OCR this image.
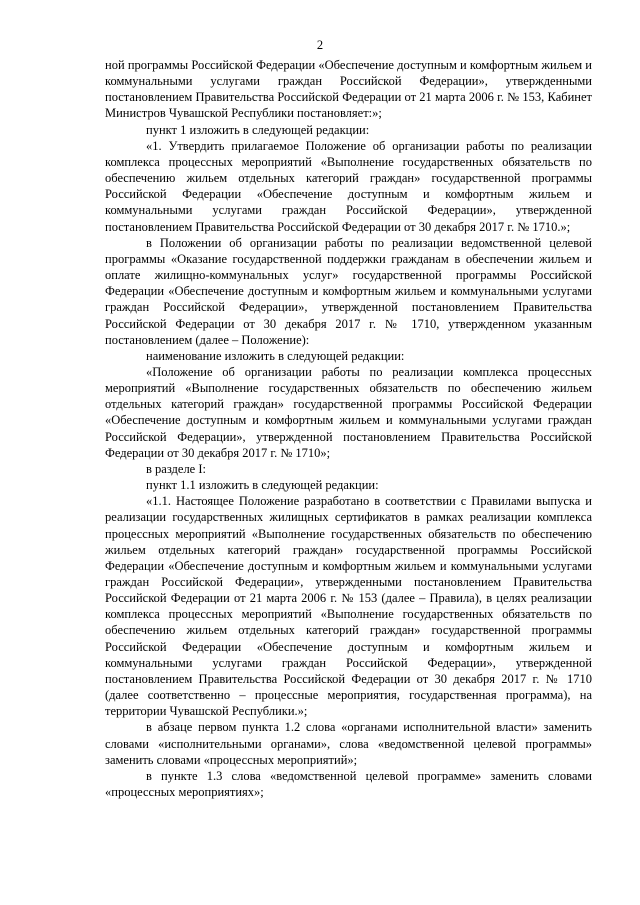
2

ной программы Российской Федерации «Обеспечение доступным и комфортным жильем и коммунальными услугами граждан Российской Федерации», утвержденными постановлением Правительства Российской Федерации от 21 марта 2006 г. № 153, Кабинет Министров Чувашской Республики постановляет:»;

пункт 1 изложить в следующей редакции:

«1. Утвердить прилагаемое Положение об организации работы по реализации комплекса процессных мероприятий «Выполнение государственных обязательств по обеспечению жильем отдельных категорий граждан» государственной программы Российской Федерации «Обеспечение доступным и комфортным жильем и коммунальными услугами граждан Российской Федерации», утвержденной постановлением Правительства Российской Федерации от 30 декабря 2017 г. № 1710.»;

в Положении об организации работы по реализации ведомственной целевой программы «Оказание государственной поддержки гражданам в обеспечении жильем и оплате жилищно-коммунальных услуг» государственной программы Российской Федерации «Обеспечение доступным и комфортным жильем и коммунальными услугами граждан Российской Федерации», утвержденной постановлением Правительства Российской Федерации от 30 декабря 2017 г. № 1710, утвержденном указанным постановлением (далее – Положение):

наименование изложить в следующей редакции:

«Положение об организации работы по реализации комплекса процессных мероприятий «Выполнение государственных обязательств по обеспечению жильем отдельных категорий граждан» государственной программы Российской Федерации «Обеспечение доступным и комфортным жильем и коммунальными услугами граждан Российской Федерации», утвержденной постановлением Правительства Российской Федерации от 30 декабря 2017 г. № 1710»;

в разделе I:

пункт 1.1 изложить в следующей редакции:

«1.1. Настоящее Положение разработано в соответствии с Правилами выпуска и реализации государственных жилищных сертификатов в рамках реализации комплекса процессных мероприятий «Выполнение государственных обязательств по обеспечению жильем отдельных категорий граждан» государственной программы Российской Федерации «Обеспечение доступным и комфортным жильем и коммунальными услугами граждан Российской Федерации», утвержденными постановлением Правительства Российской Федерации от 21 марта 2006 г. № 153 (далее – Правила), в целях реализации комплекса процессных мероприятий «Выполнение государственных обязательств по обеспечению жильем отдельных категорий граждан» государственной программы Российской Федерации «Обеспечение доступным и комфортным жильем и коммунальными услугами граждан Российской Федерации», утвержденной постановлением Правительства Российской Федерации от 30 декабря 2017 г. № 1710 (далее соответственно – процессные мероприятия, государственная программа), на территории Чувашской Республики.»;

в абзаце первом пункта 1.2 слова «органами исполнительной власти» заменить словами «исполнительными органами», слова «ведомственной целевой программы» заменить словами «процессных мероприятий»;

в пункте 1.3 слова «ведомственной целевой программе» заменить словами «процессных мероприятиях»;
